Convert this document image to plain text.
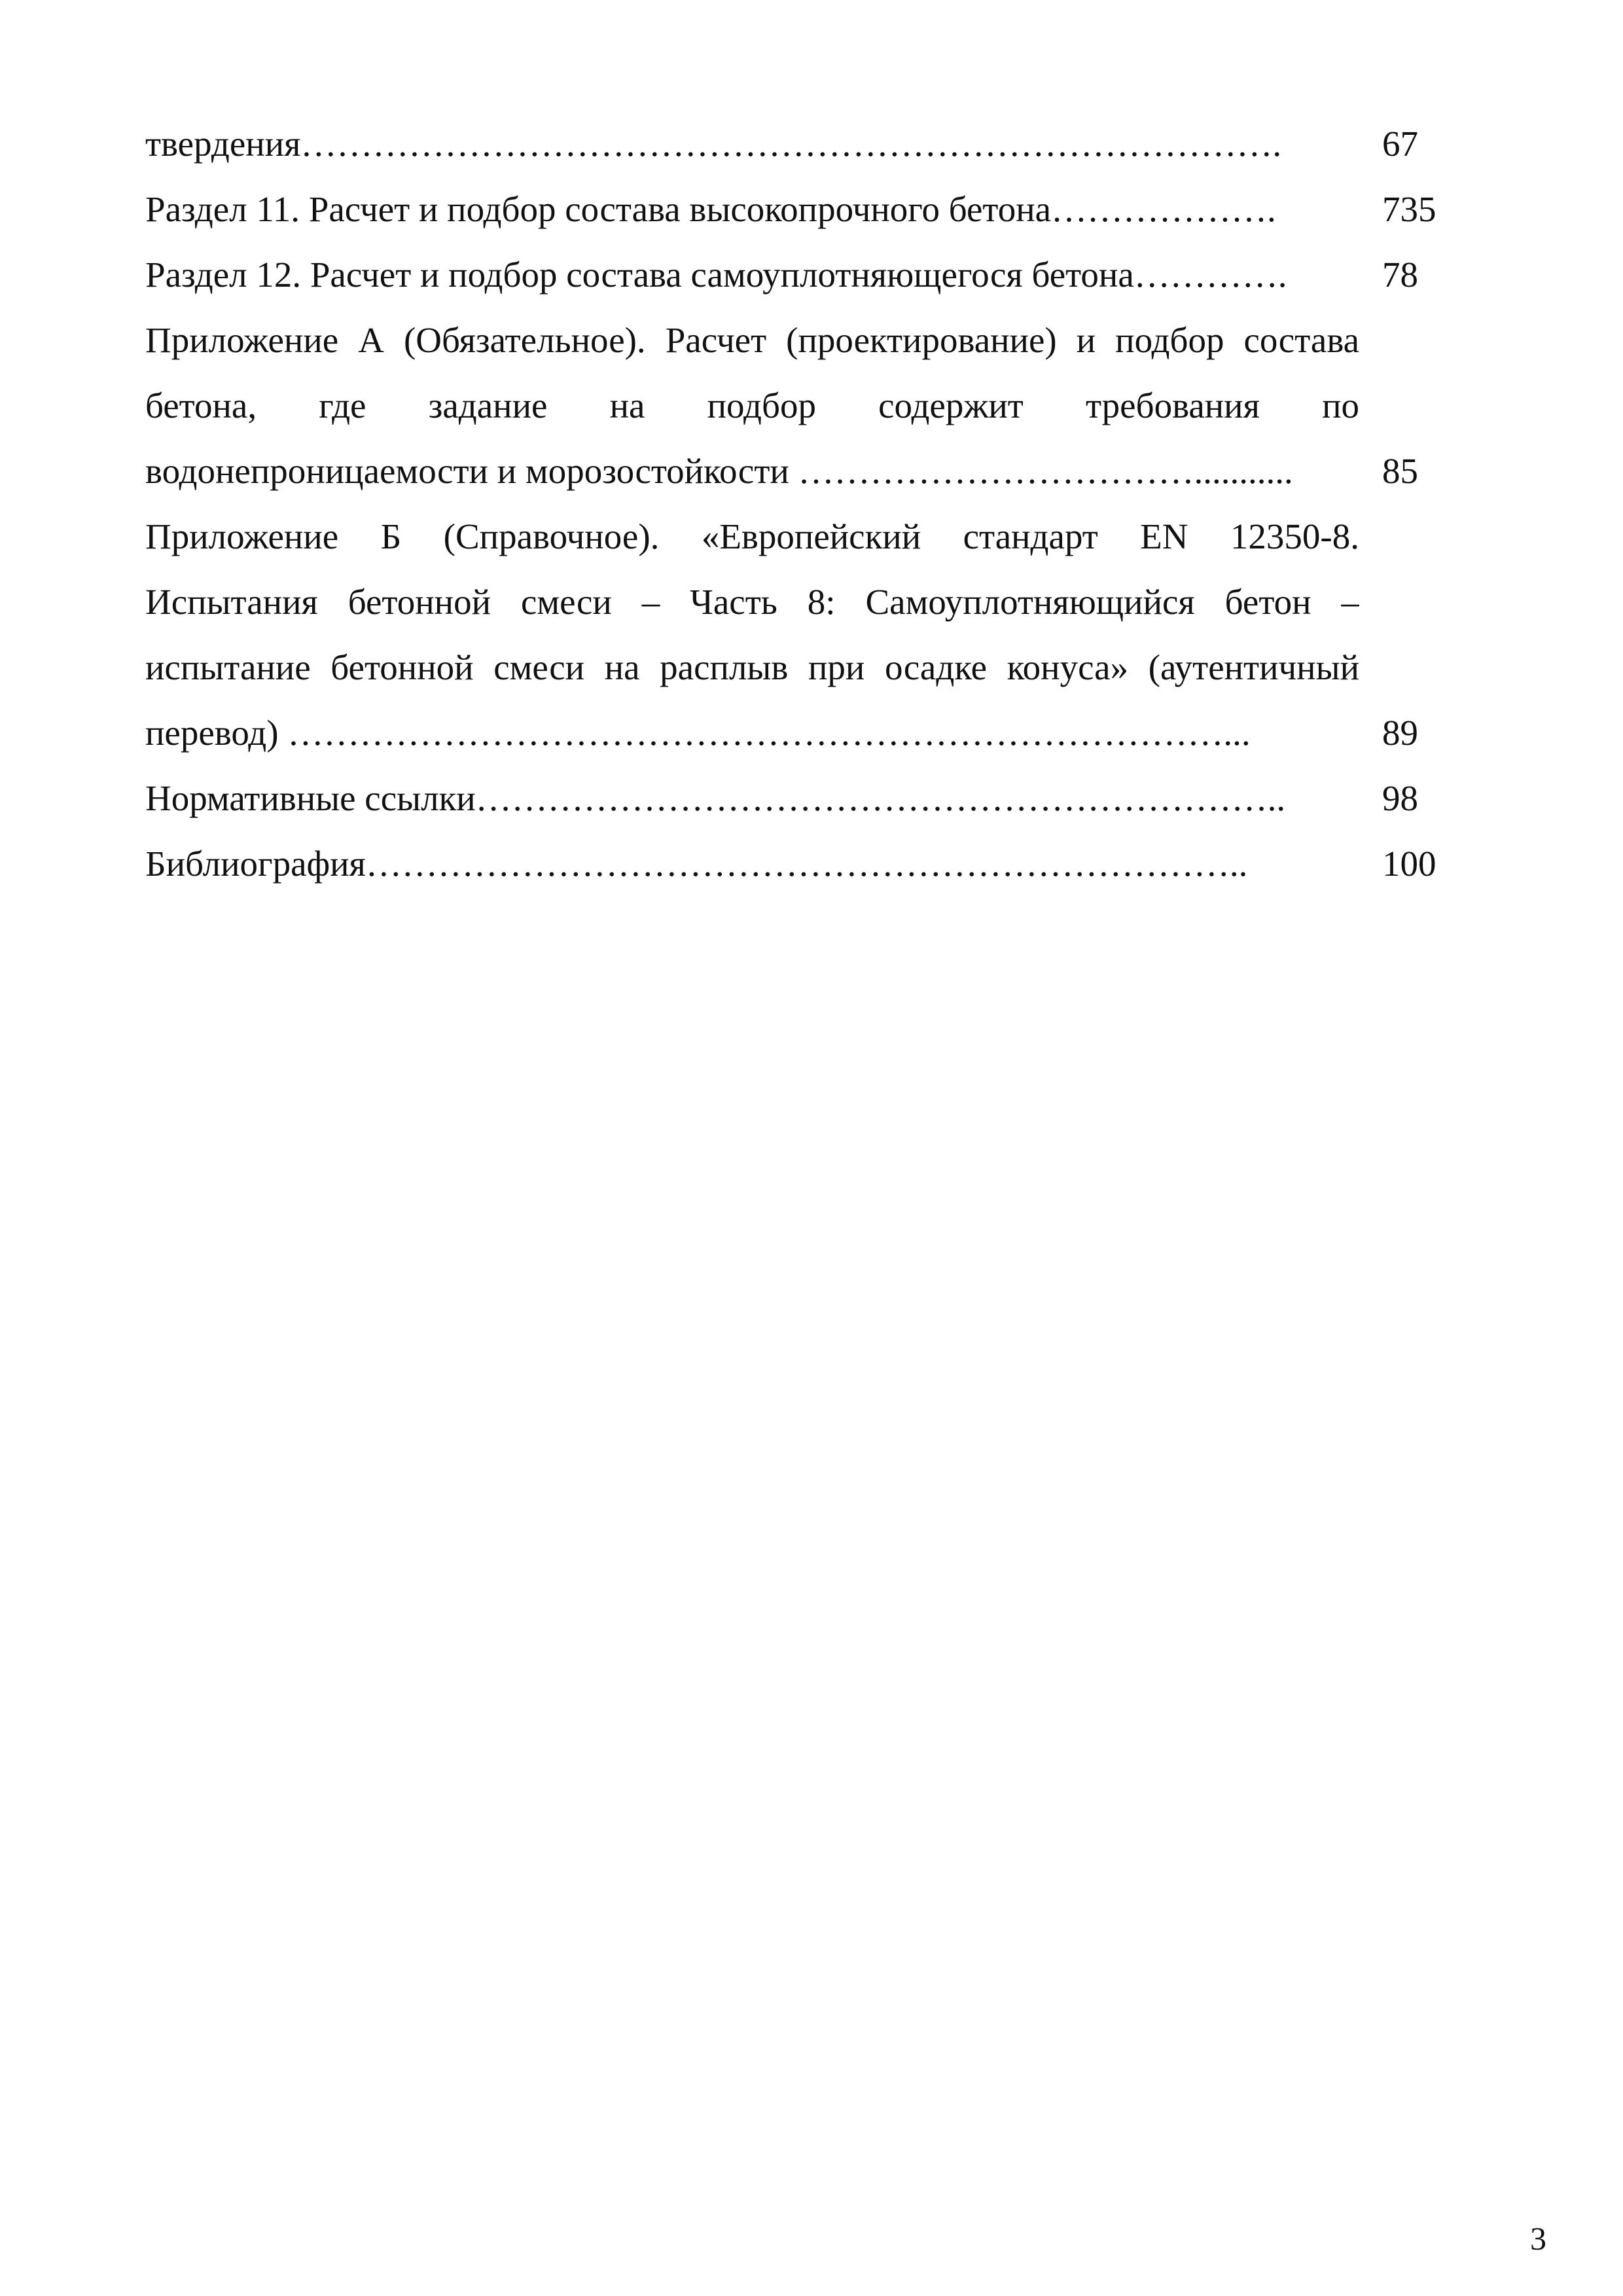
твердения……………………………………………………………………….	67
Раздел 11. Расчет и подбор состава высокопрочного бетона……………….	735
Раздел 12. Расчет и подбор состава самоуплотняющегося бетона………….	78
Приложение А (Обязательное). Расчет (проектирование) и подбор состава
бетона, где задание на подбор содержит требования по
водонепроницаемости и морозостойкости ……………………………...........	85
Приложение Б (Справочное). «Европейский стандарт EN 12350-8.
Испытания бетонной смеси – Часть 8: Самоуплотняющийся бетон –
испытание бетонной смеси на расплыв при осадке конуса» (аутентичный
перевод) ……………………………………………………………………...	89
Нормативные ссылки…………………………………………………………..	98
Библиография………………………………………………………………..	100
3
